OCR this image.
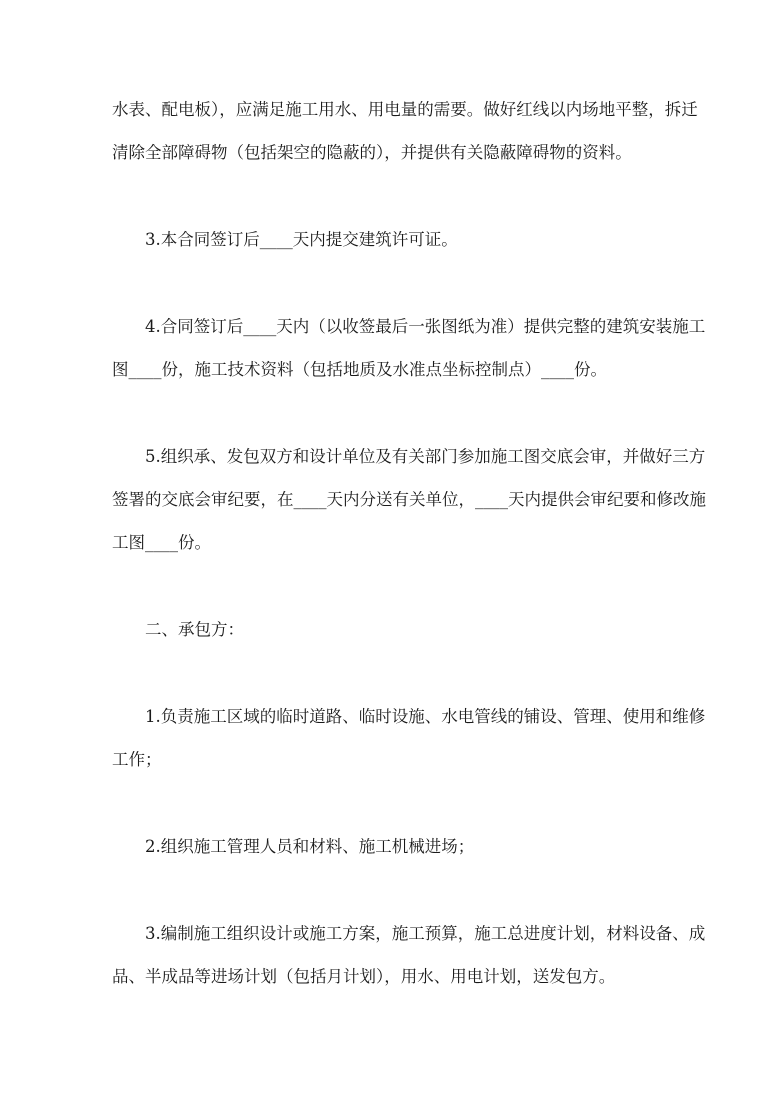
水表、配电板），应满足施工用水、用电量的需要。做好红线以内场地平整，拆迁
清除全部障碍物（包括架空的隐蔽的），并提供有关隐蔽障碍物的资料。
3.本合同签订后____天内提交建筑许可证。
4.合同签订后____天内（以收签最后一张图纸为准）提供完整的建筑安装施工
图____份，施工技术资料（包括地质及水准点坐标控制点）____份。
5.组织承、发包双方和设计单位及有关部门参加施工图交底会审，并做好三方
签署的交底会审纪要，在____天内分送有关单位，____天内提供会审纪要和修改施
工图____份。
二、承包方：
1.负责施工区域的临时道路、临时设施、水电管线的铺设、管理、使用和维修
工作；
2.组织施工管理人员和材料、施工机械进场；
3.编制施工组织设计或施工方案，施工预算，施工总进度计划，材料设备、成
品、半成品等进场计划（包括月计划），用水、用电计划，送发包方。
